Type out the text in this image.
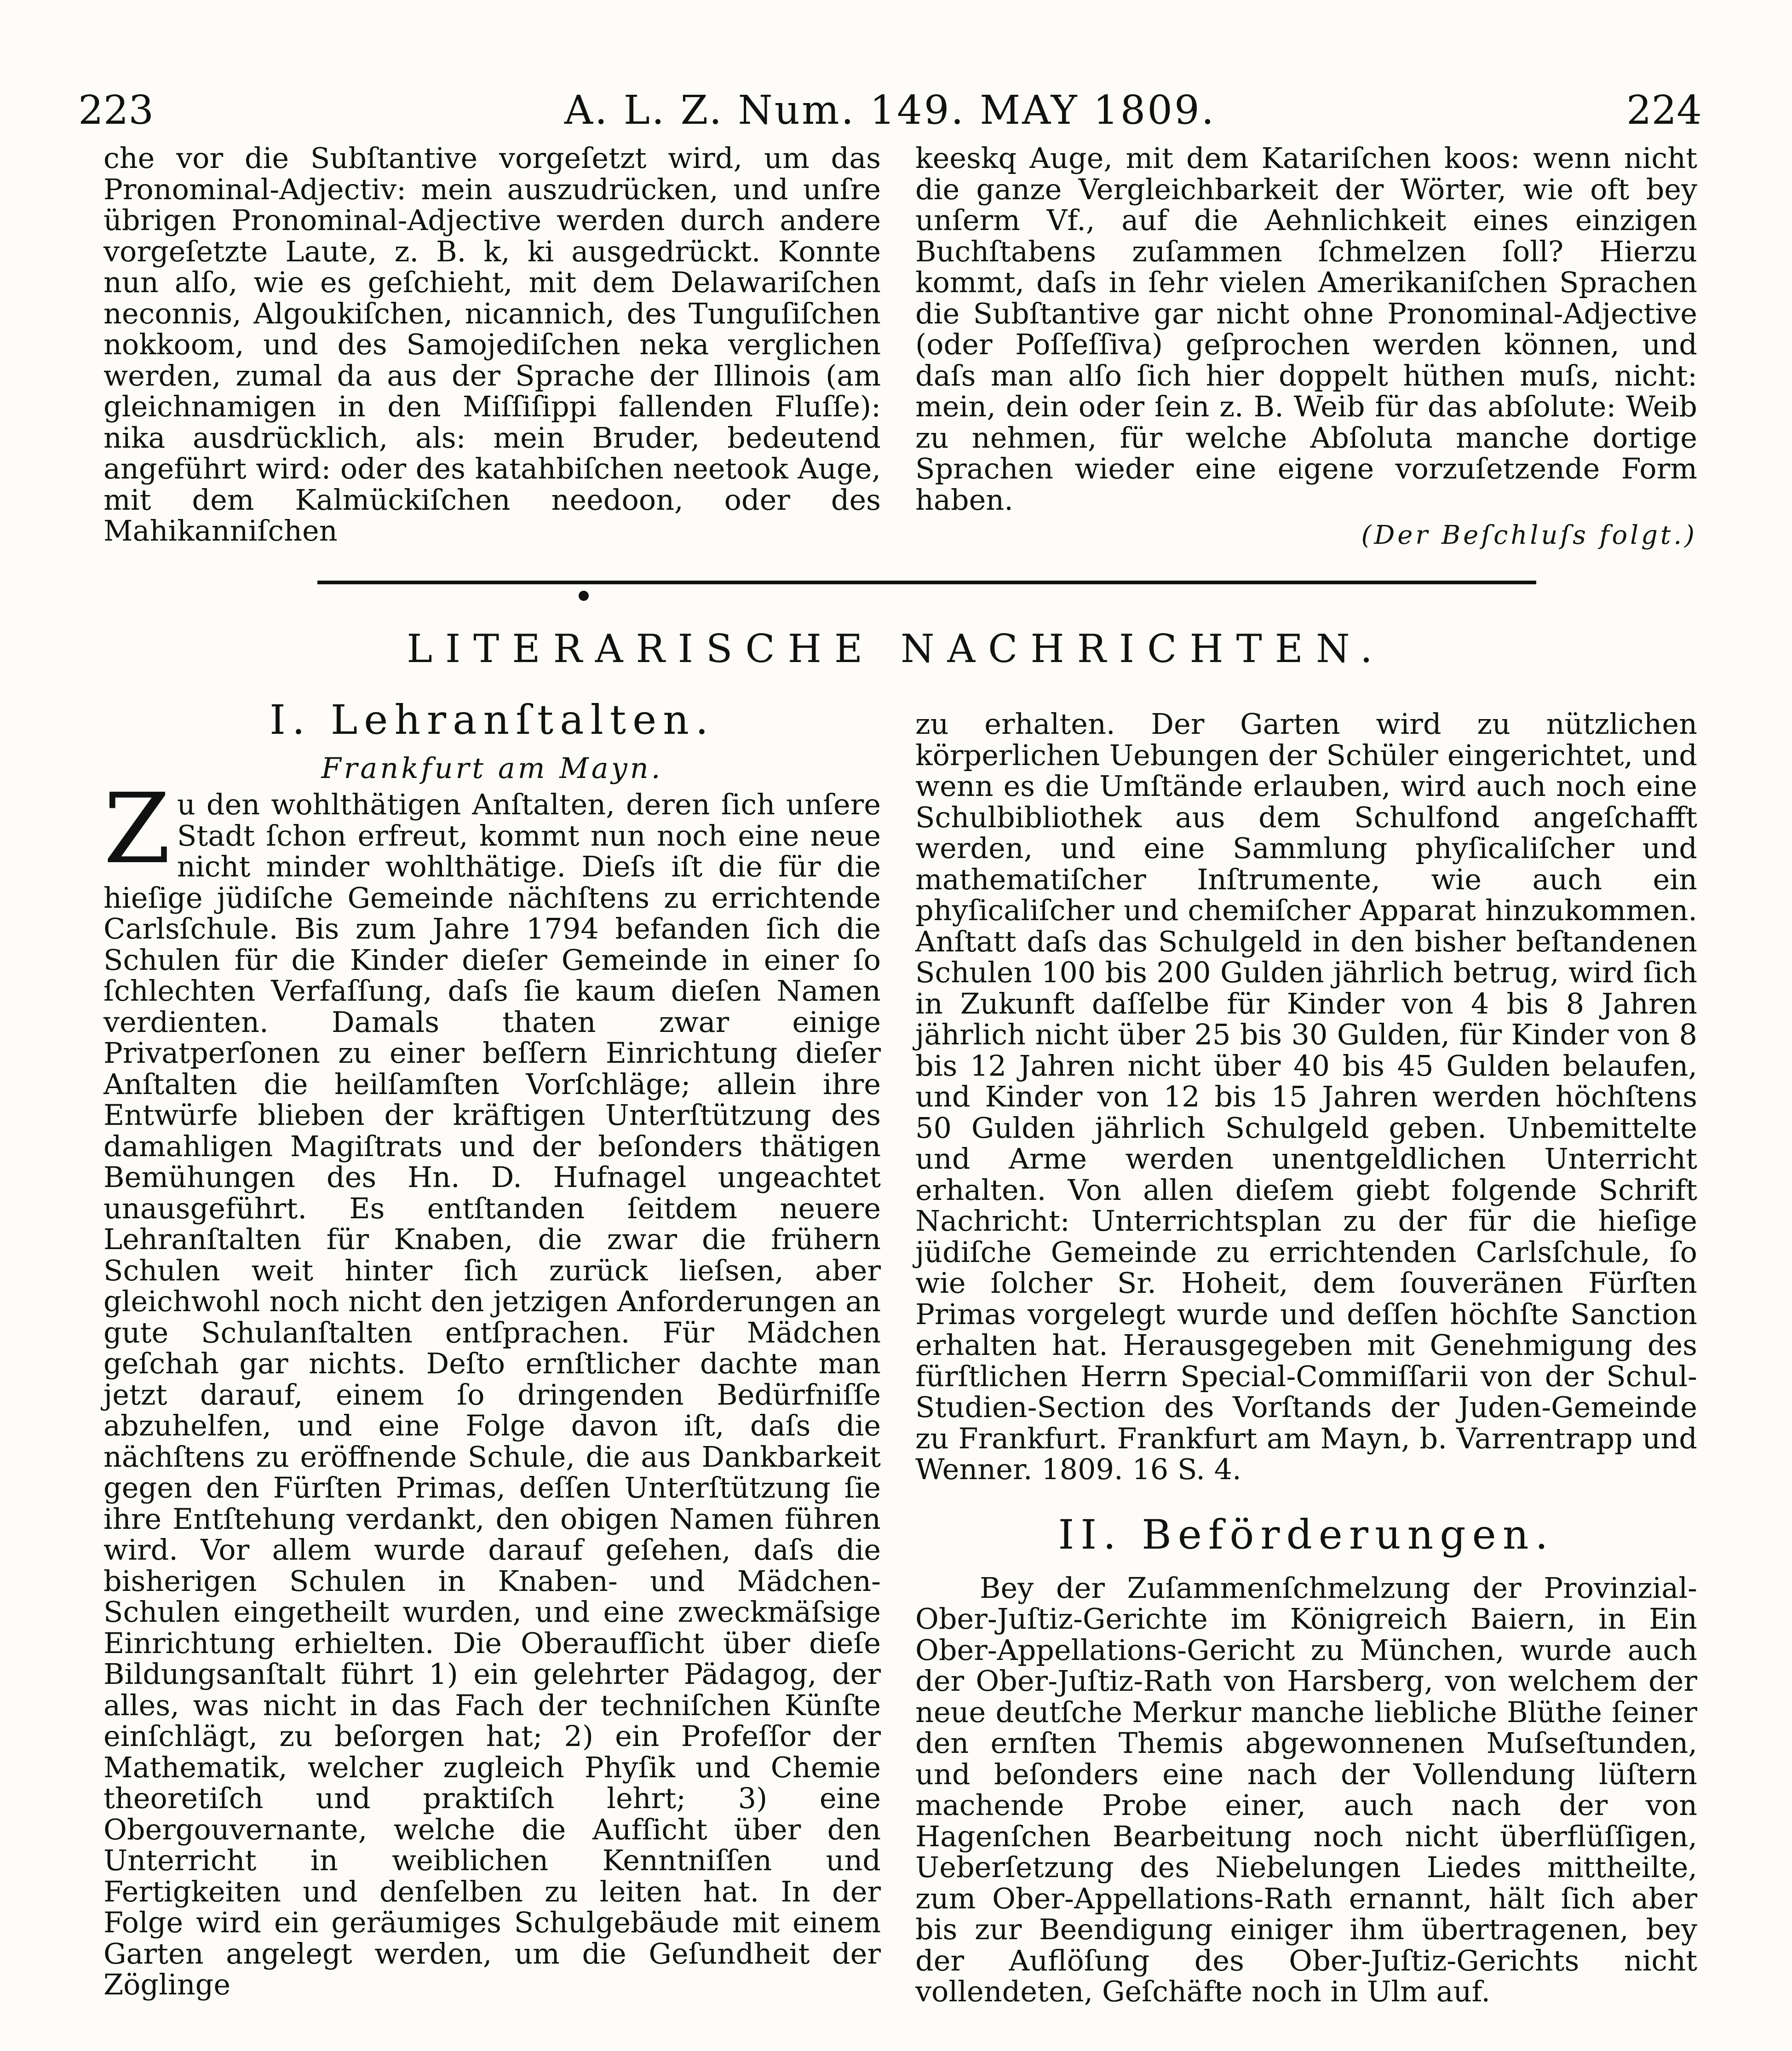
223	A. L. Z. Num. 149. MAY 1809.	224

che vor die Subſtantive vorgeſetzt wird, um das Pronominal-Adjectiv: mein auszudrücken, und unſre übrigen Pronominal-Adjective werden durch andere vorgeſetzte Laute, z. B. k, ki ausgedrückt. Konnte nun alſo, wie es geſchieht, mit dem Delawariſchen neconnis, Algoukiſchen, nicannich, des Tunguſiſchen nokkoom, und des Samojediſchen neka verglichen werden, zumal da aus der Sprache der Illinois (am gleichnamigen in den Miſſiſippi fallenden Fluſſe): nika ausdrücklich, als: mein Bruder, bedeutend angeführt wird: oder des katahbiſchen neetook Auge, mit dem Kalmückiſchen needoon, oder des Mahikanniſchen

keeskq Auge, mit dem Katariſchen koos: wenn nicht die ganze Vergleichbarkeit der Wörter, wie oft bey unſerm Vf., auf die Aehnlichkeit eines einzigen Buchſtabens zuſammen ſchmelzen ſoll? Hierzu kommt, daſs in ſehr vielen Amerikaniſchen Sprachen die Subſtantive gar nicht ohne Pronominal-Adjective (oder Poſſeſſiva) geſprochen werden können, und daſs man alſo ſich hier doppelt hüthen muſs, nicht: mein, dein oder ſein z. B. Weib für das abſolute: Weib zu nehmen, für welche Abſoluta manche dortige Sprachen wieder eine eigene vorzuſetzende Form haben.

(Der Beſchluſs folgt.)
LITERARISCHE NACHRICHTEN.
I. Lehranſtalten.
Frankfurt am Mayn.

Zu den wohlthätigen Anſtalten, deren ſich unſere Stadt ſchon erfreut, kommt nun noch eine neue nicht minder wohlthätige. Dieſs iſt die für die hieſige jüdiſche Gemeinde nächſtens zu errichtende Carlsſchule. Bis zum Jahre 1794 befanden ſich die Schulen für die Kinder dieſer Gemeinde in einer ſo ſchlechten Verfaſſung, daſs ſie kaum dieſen Namen verdienten. Damals thaten zwar einige Privatperſonen zu einer beſſern Einrichtung dieſer Anſtalten die heilſamſten Vorſchläge; allein ihre Entwürfe blieben der kräftigen Unterſtützung des damahligen Magiſtrats und der beſonders thätigen Bemühungen des Hn. D. Hufnagel ungeachtet unausgeführt. Es entſtanden ſeitdem neuere Lehranſtalten für Knaben, die zwar die frühern Schulen weit hinter ſich zurück lieſsen, aber gleichwohl noch nicht den jetzigen Anforderungen an gute Schulanſtalten entſprachen. Für Mädchen geſchah gar nichts. Deſto ernſtlicher dachte man jetzt darauf, einem ſo dringenden Bedürfniſſe abzuhelfen, und eine Folge davon iſt, daſs die nächſtens zu eröffnende Schule, die aus Dankbarkeit gegen den Fürſten Primas, deſſen Unterſtützung ſie ihre Entſtehung verdankt, den obigen Namen führen wird. Vor allem wurde darauf geſehen, daſs die bisherigen Schulen in Knaben- und Mädchen-Schulen eingetheilt wurden, und eine zweckmäſsige Einrichtung erhielten. Die Oberaufſicht über dieſe Bildungsanſtalt führt 1) ein gelehrter Pädagog, der alles, was nicht in das Fach der techniſchen Künſte einſchlägt, zu beſorgen hat; 2) ein Profeſſor der Mathematik, welcher zugleich Phyſik und Chemie theoretiſch und praktiſch lehrt; 3) eine Obergouvernante, welche die Aufſicht über den Unterricht in weiblichen Kenntniſſen und Fertigkeiten und denſelben zu leiten hat. In der Folge wird ein geräumiges Schulgebäude mit einem Garten angelegt werden, um die Geſundheit der Zöglinge

zu erhalten. Der Garten wird zu nützlichen körperlichen Uebungen der Schüler eingerichtet, und wenn es die Umſtände erlauben, wird auch noch eine Schulbibliothek aus dem Schulfond angeſchafft werden, und eine Sammlung phyſicaliſcher und mathematiſcher Inſtrumente, wie auch ein phyſicaliſcher und chemiſcher Apparat hinzukommen. Anſtatt daſs das Schulgeld in den bisher beſtandenen Schulen 100 bis 200 Gulden jährlich betrug, wird ſich in Zukunft daſſelbe für Kinder von 4 bis 8 Jahren jährlich nicht über 25 bis 30 Gulden, für Kinder von 8 bis 12 Jahren nicht über 40 bis 45 Gulden belaufen, und Kinder von 12 bis 15 Jahren werden höchſtens 50 Gulden jährlich Schulgeld geben. Unbemittelte und Arme werden unentgeldlichen Unterricht erhalten. Von allen dieſem giebt folgende Schrift Nachricht: Unterrichtsplan zu der für die hieſige jüdiſche Gemeinde zu errichtenden Carlsſchule, ſo wie ſolcher Sr. Hoheit, dem ſouveränen Fürſten Primas vorgelegt wurde und deſſen höchſte Sanction erhalten hat. Herausgegeben mit Genehmigung des fürſtlichen Herrn Special-Commiſſarii von der Schul-Studien-Section des Vorſtands der Juden-Gemeinde zu Frankfurt. Frankfurt am Mayn, b. Varrentrapp und Wenner. 1809. 16 S. 4.

II. Beförderungen.

Bey der Zuſammenſchmelzung der Provinzial-Ober-Juſtiz-Gerichte im Königreich Baiern, in Ein Ober-Appellations-Gericht zu München, wurde auch der Ober-Juſtiz-Rath von Harsberg, von welchem der neue deutſche Merkur manche liebliche Blüthe ſeiner den ernſten Themis abgewonnenen Muſseſtunden, und beſonders eine nach der Vollendung lüſtern machende Probe einer, auch nach der von Hagenſchen Bearbeitung noch nicht überflüſſigen, Ueberſetzung des Niebelungen Liedes mittheilte, zum Ober-Appellations-Rath ernannt, hält ſich aber bis zur Beendigung einiger ihm übertragenen, bey der Auflöſung des Ober-Juſtiz-Gerichts nicht vollendeten, Geſchäfte noch in Ulm auf.
